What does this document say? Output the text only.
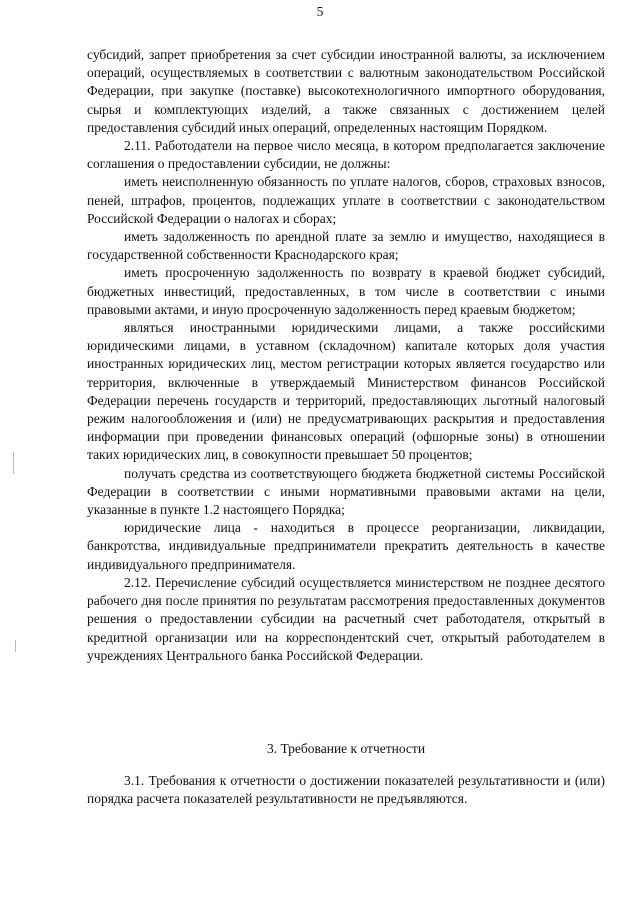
5

субсидий, запрет приобретения за счет субсидии иностранной валюты, за исключением операций, осуществляемых в соответствии с валютным законодательством Российской Федерации, при закупке (поставке) высокотехнологичного импортного оборудования, сырья и комплектующих изделий, а также связанных с достижением целей предоставления субсидий иных операций, определенных настоящим Порядком.

2.11. Работодатели на первое число месяца, в котором предполагается заключение соглашения о предоставлении субсидии, не должны:

иметь неисполненную обязанность по уплате налогов, сборов, страховых взносов, пеней, штрафов, процентов, подлежащих уплате в соответствии с законодательством Российской Федерации о налогах и сборах;

иметь задолженность по арендной плате за землю и имущество, находящиеся в государственной собственности Краснодарского края;

иметь просроченную задолженность по возврату в краевой бюджет субсидий, бюджетных инвестиций, предоставленных, в том числе в соответствии с иными правовыми актами, и иную просроченную задолженность перед краевым бюджетом;

являться иностранными юридическими лицами, а также российскими юридическими лицами, в уставном (складочном) капитале которых доля участия иностранных юридических лиц, местом регистрации которых является государство или территория, включенные в утверждаемый Министерством финансов Российской Федерации перечень государств и территорий, предоставляющих льготный налоговый режим налогообложения и (или) не предусматривающих раскрытия и предоставления информации при проведении финансовых операций (офшорные зоны) в отношении таких юридических лиц, в совокупности превышает 50 процентов;

получать средства из соответствующего бюджета бюджетной системы Российской Федерации в соответствии с иными нормативными правовыми актами на цели, указанные в пункте 1.2 настоящего Порядка;

юридические лица - находиться в процессе реорганизации, ликвидации, банкротства, индивидуальные предприниматели прекратить деятельность в качестве индивидуального предпринимателя.

2.12. Перечисление субсидий осуществляется министерством не позднее десятого рабочего дня после принятия по результатам рассмотрения предоставленных документов решения о предоставлении субсидии на расчетный счет работодателя, открытый в кредитной организации или на корреспондентский счет, открытый работодателем в учреждениях Центрального банка Российской Федерации.

3. Требование к отчетности

3.1. Требования к отчетности о достижении показателей результативности и (или) порядка расчета показателей результативности не предъявляются.
